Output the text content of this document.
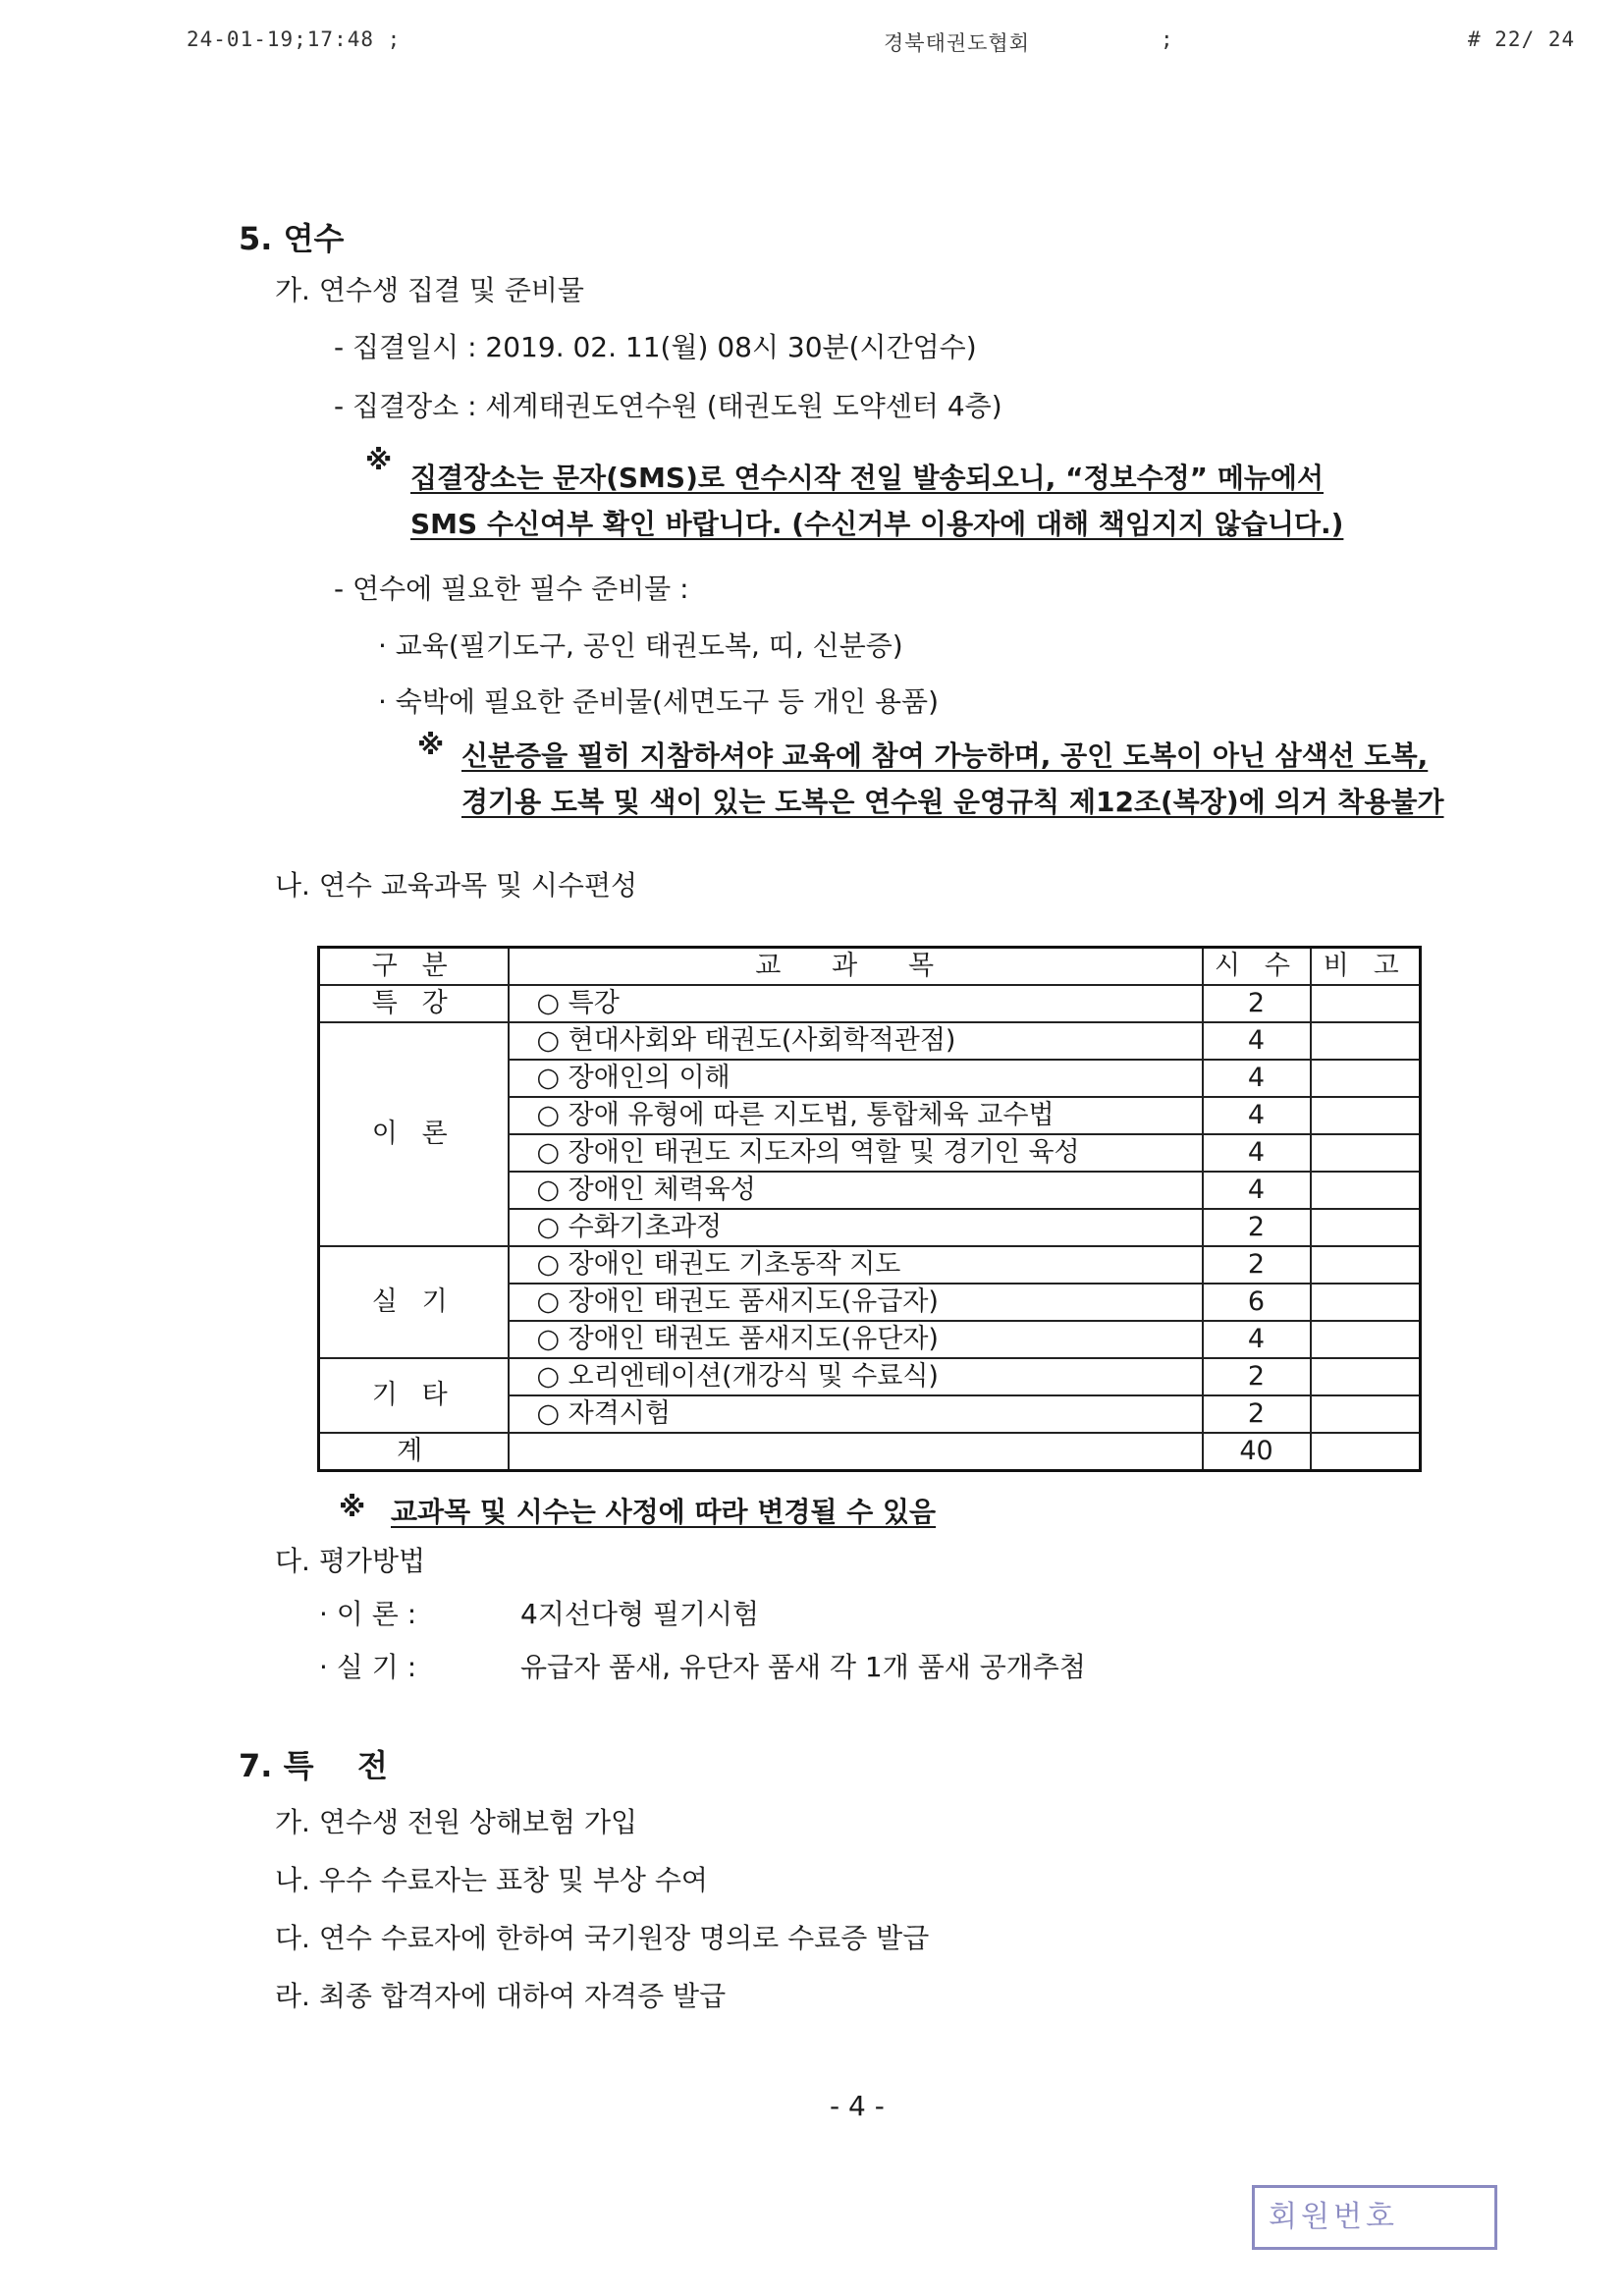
24-01-19;17:48 ;	경북태권도협회	;	# 22/ 24
5. 연수
가. 연수생 집결 및 준비물
- 집결일시 : 2019. 02. 11(월) 08시 30분(시간엄수)
- 집결장소 : 세계태권도연수원 (태권도원 도약센터 4층)
※
집결장소는 문자(SMS)로 연수시작 전일 발송되오니, “정보수정” 메뉴에서
SMS 수신여부 확인 바랍니다. (수신거부 이용자에 대해 책임지지 않습니다.)
- 연수에 필요한 필수 준비물 :
· 교육(필기도구, 공인 태권도복, 띠, 신분증)
· 숙박에 필요한 준비물(세면도구 등 개인 용품)
※ 신분증을 필히 지참하셔야 교육에 참여 가능하며, 공인 도복이 아닌 삼색선 도복,
경기용 도복 및 색이 있는 도복은 연수원 운영규칙 제12조(복장)에 의거 착용불가
나. 연수 교육과목 및 시수편성
구 분	교 과 목	시 수	비 고
특 강	○ 특강	2	
이 론	○ 현대사회와 태권도(사회학적관점)	4	
	○ 장애인의 이해	4	
	○ 장애 유형에 따른 지도법, 통합체육 교수법	4	
	○ 장애인 태권도 지도자의 역할 및 경기인 육성	4	
	○ 장애인 체력육성	4	
	○ 수화기초과정	2	
실 기	○ 장애인 태권도 기초동작 지도	2	
	○ 장애인 태권도 품새지도(유급자)	6	
	○ 장애인 태권도 품새지도(유단자)	4	
기 타	○ 오리엔테이션(개강식 및 수료식)	2	
	○ 자격시험	2	
계		40	
※ 교과목 및 시수는 사정에 따라 변경될 수 있음
다. 평가방법
· 이 론 :	4지선다형 필기시험
· 실 기 :	유급자 품새, 유단자 품새 각 1개 품새 공개추첨
7. 특    전
가. 연수생 전원 상해보험 가입
나. 우수 수료자는 표창 및 부상 수여
다. 연수 수료자에 한하여 국기원장 명의로 수료증 발급
라. 최종 합격자에 대하여 자격증 발급
- 4 -
회원번호
